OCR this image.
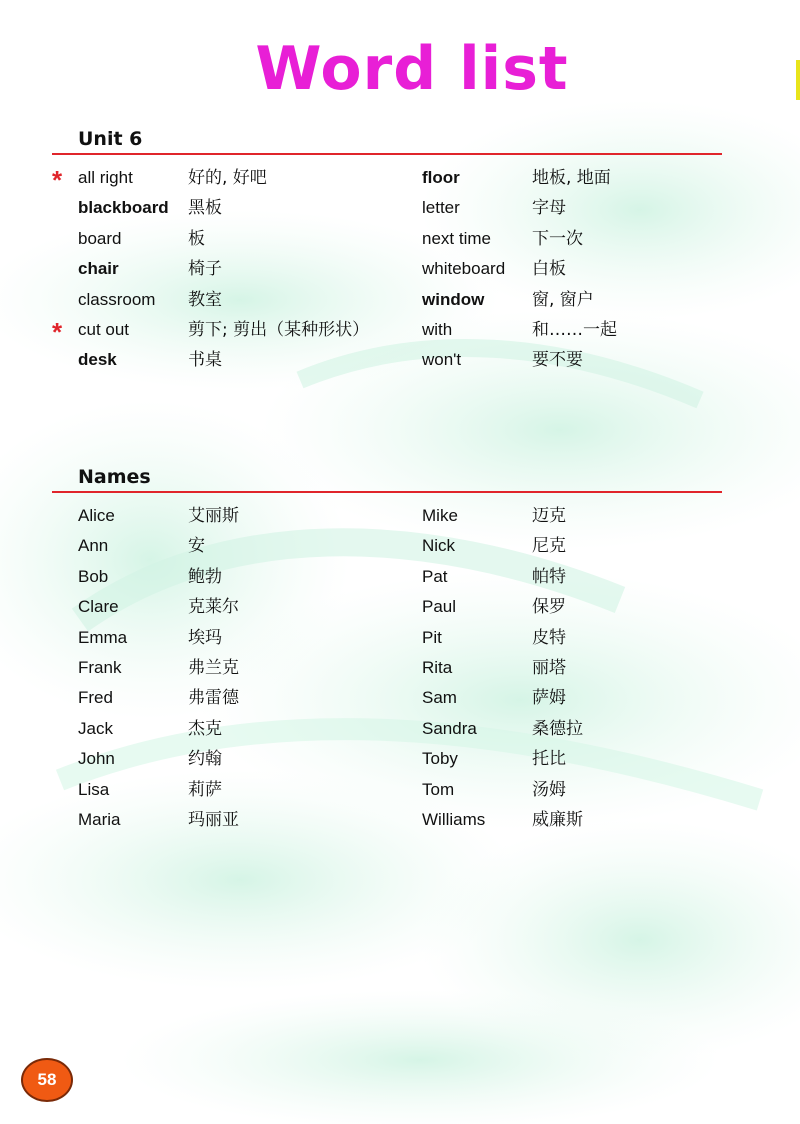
Word list
Unit 6
* all right	好的, 好吧
blackboard 黑板
board	板
chair	椅子
classroom 教室
* cut out	剪下; 剪出（某种形状）
desk	书桌
floor	地板, 地面
letter	字母
next time 下一次
whiteboard 白板
window	窗, 窗户
with	和……一起
won't	要不要
Names
Alice	艾丽斯
Ann	安
Bob	鲍勃
Clare	克莱尔
Emma	埃玛
Frank	弗兰克
Fred	弗雷德
Jack	杰克
John	约翰
Lisa	莉萨
Maria	玛丽亚
Mike	迈克
Nick	尼克
Pat	帕特
Paul	保罗
Pit	皮特
Rita	丽塔
Sam	萨姆
Sandra	桑德拉
Toby	托比
Tom	汤姆
Williams	威廉斯
58
